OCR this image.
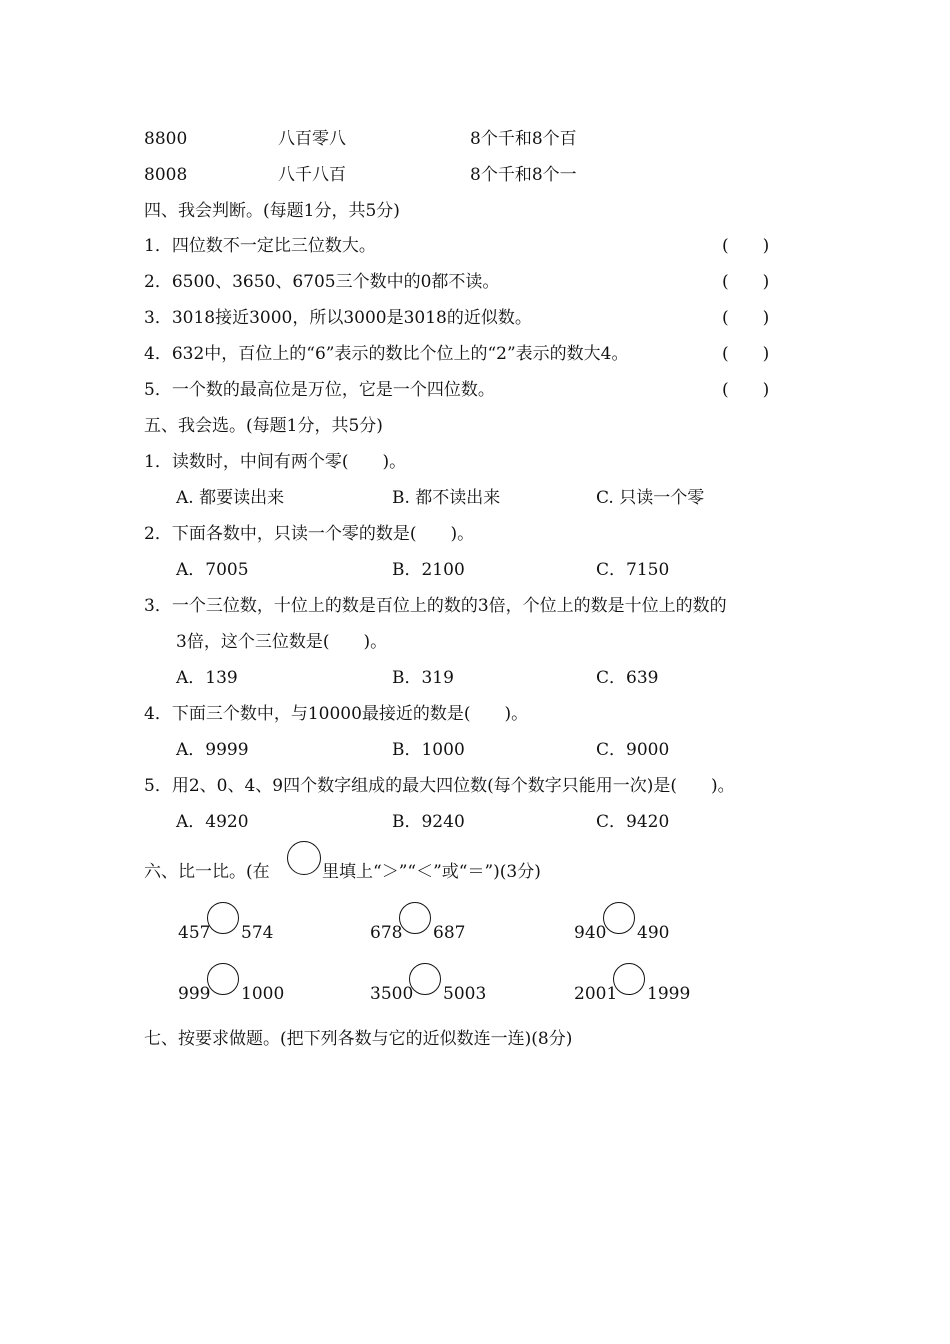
8800	八百零八	8个千和8个百
8008	八千八百	8个千和8个一
四、我会判断。(每题1分，共5分)
1．四位数不一定比三位数大。	(　　)
2．6500、3650、6705三个数中的0都不读。	(　　)
3．3018接近3000，所以3000是3018的近似数。	(　　)
4．632中，百位上的“6”表示的数比个位上的“2”表示的数大4。	(　　)
5．一个数的最高位是万位，它是一个四位数。	(　　)
五、我会选。(每题1分，共5分)
1．读数时，中间有两个零(　　)。
A. 都要读出来	B. 都不读出来	C. 只读一个零
2．下面各数中，只读一个零的数是(　　)。
A．7005	B．2100	C．7150
3．一个三位数，十位上的数是百位上的数的3倍，个位上的数是十位上的数的
3倍，这个三位数是(　　)。
A．139	B．319	C．639
4．下面三个数中，与10000最接近的数是(　　)。
A．9999	B．1000	C．9000
5．用2、0、4、9四个数字组成的最大四位数(每个数字只能用一次)是(　　)。
A．4920	B．9240	C．9420
六、比一比。(在	里填上“＞”“＜”或“＝”)(3分)
457 574	678 687	940 490
999 1000	3500 5003	2001 1999
七、按要求做题。(把下列各数与它的近似数连一连)(8分)
